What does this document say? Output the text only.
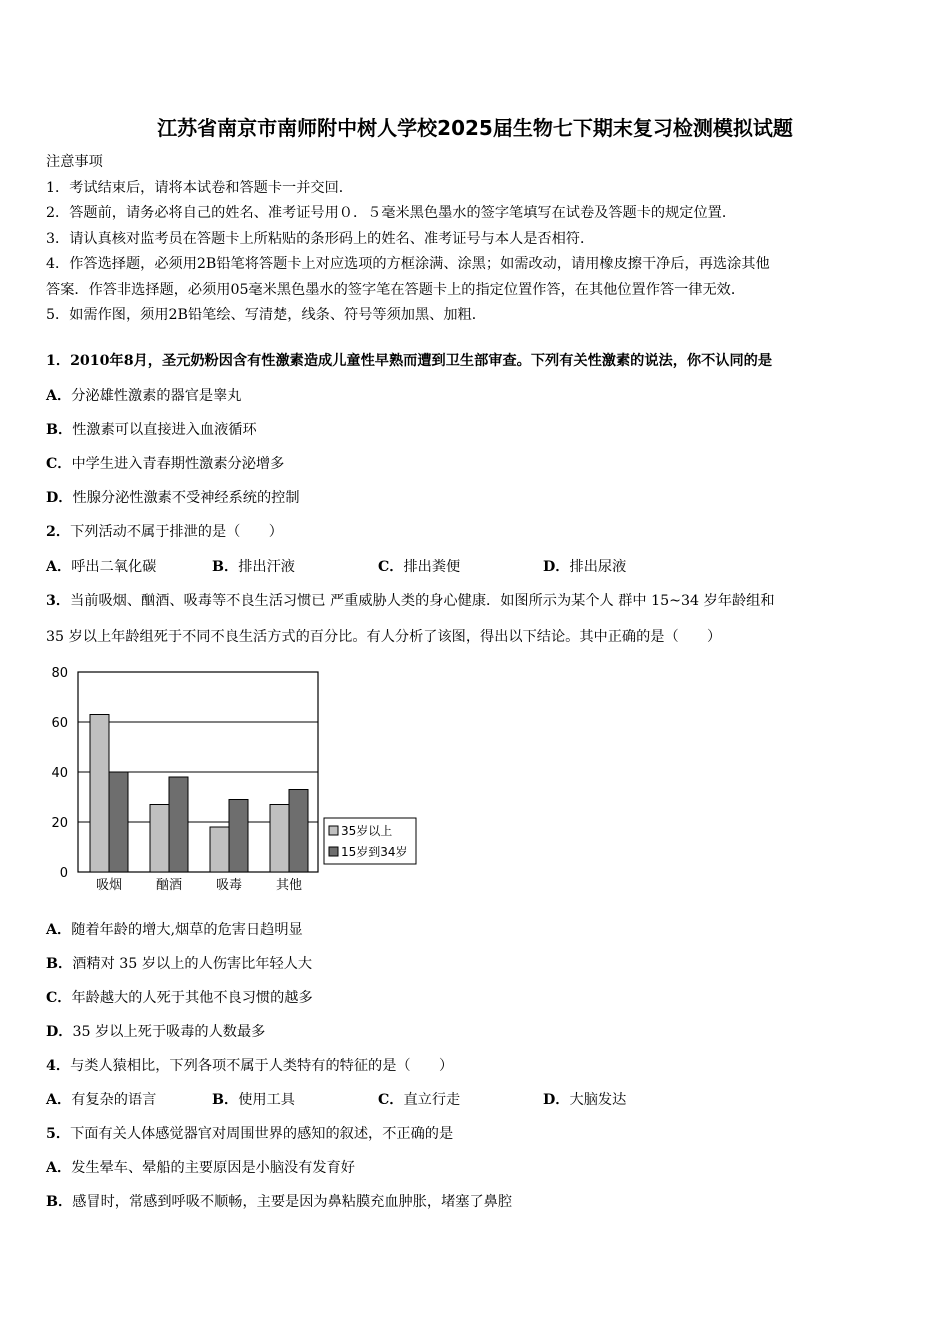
江苏省南京市南师附中树人学校2025届生物七下期末复习检测模拟试题
注意事项
1．考试结束后，请将本试卷和答题卡一并交回．
2．答题前，请务必将自己的姓名、准考证号用０．５毫米黑色墨水的签字笔填写在试卷及答题卡的规定位置．
3．请认真核对监考员在答题卡上所粘贴的条形码上的姓名、准考证号与本人是否相符．
4．作答选择题，必须用2B铅笔将答题卡上对应选项的方框涂满、涂黑；如需改动，请用橡皮擦干净后，再选涂其他
答案．作答非选择题，必须用05毫米黑色墨水的签字笔在答题卡上的指定位置作答，在其他位置作答一律无效．
5．如需作图，须用2B铅笔绘、写清楚，线条、符号等须加黑、加粗．
1．2010年8月，圣元奶粉因含有性激素造成儿童性早熟而遭到卫生部审查。下列有关性激素的说法，你不认同的是
A．分泌雄性激素的器官是睾丸
B．性激素可以直接进入血液循环
C．中学生进入青春期性激素分泌增多
D．性腺分泌性激素不受神经系统的控制
2．下列活动不属于排泄的是（　　）
A．呼出二氧化碳	B．排出汗液	C．排出粪便	D．排出尿液
3．当前吸烟、酗酒、吸毒等不良生活习惯已 严重威胁人类的身心健康．如图所示为某个人 群中 15~34 岁年龄组和
35 岁以上年龄组死于不同不良生活方式的百分比。有人分析了该图，得出以下结论。其中正确的是（　　）
0
20
40
60
80
吸烟	酗酒	吸毒	其他
35岁以上
15岁到34岁
A．随着年龄的增大,烟草的危害日趋明显
B．酒精对 35 岁以上的人伤害比年轻人大
C．年龄越大的人死于其他不良习惯的越多
D．35 岁以上死于吸毒的人数最多
4．与类人猿相比，下列各项不属于人类特有的特征的是（　　）
A．有复杂的语言	B．使用工具	C．直立行走	D．大脑发达
5．下面有关人体感觉器官对周围世界的感知的叙述，不正确的是
A．发生晕车、晕船的主要原因是小脑没有发育好
B．感冒时，常感到呼吸不顺畅，主要是因为鼻粘膜充血肿胀，堵塞了鼻腔
